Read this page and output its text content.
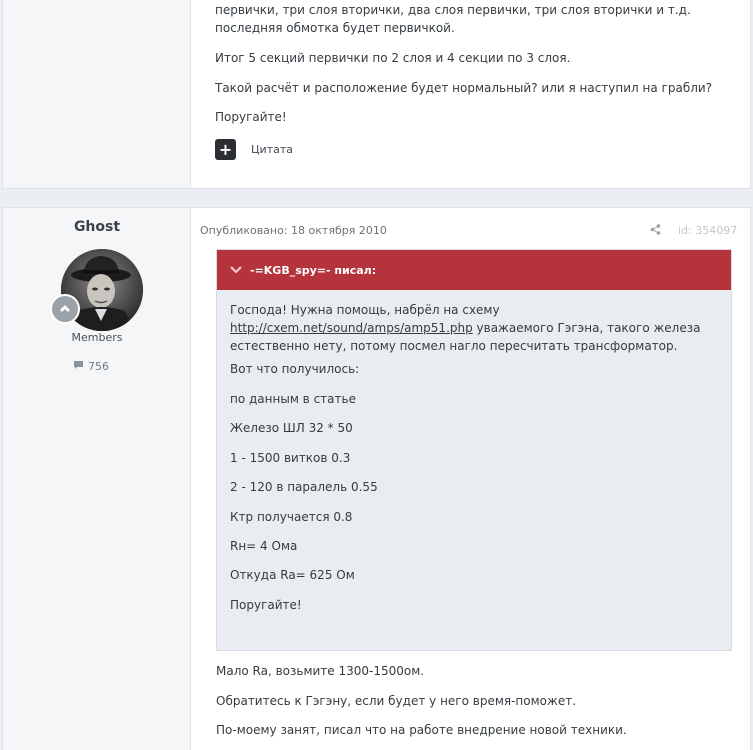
первички, три слоя вторички, два слоя первички, три слоя вторички и т.д. последняя обмотка будет первичкой.

Итог 5 секций первички по 2 слоя и 4 секции по 3 слоя.

Такой расчёт и расположение будет нормальный? или я наступил на грабли?

Поругайте!

+	Цитата
Ghost
Members
756
Опубликовано: 18 октября 2010	id: 354097
-=KGB_spy=- писал:

Господа! Нужна помощь, набрёл на схему http://cxem.net/sound/amps/amp51.php уважаемого Гэгэна, такого железа естественно нету, потому посмел нагло пересчитать трансформатор.

Вот что получилось:

по данным в статье

Железо ШЛ 32 * 50

1 - 1500 витков 0.3

2 - 120 в паралель 0.55

Ктр получается 0.8

Rн= 4 Ома

Откуда Ra= 625 Ом

Поругайте!

Мало Ra, возьмите 1300-1500ом.

Обратитесь к Гэгэну, если будет у него время-поможет.

По-моему занят, писал что на работе внедрение новой техники.
